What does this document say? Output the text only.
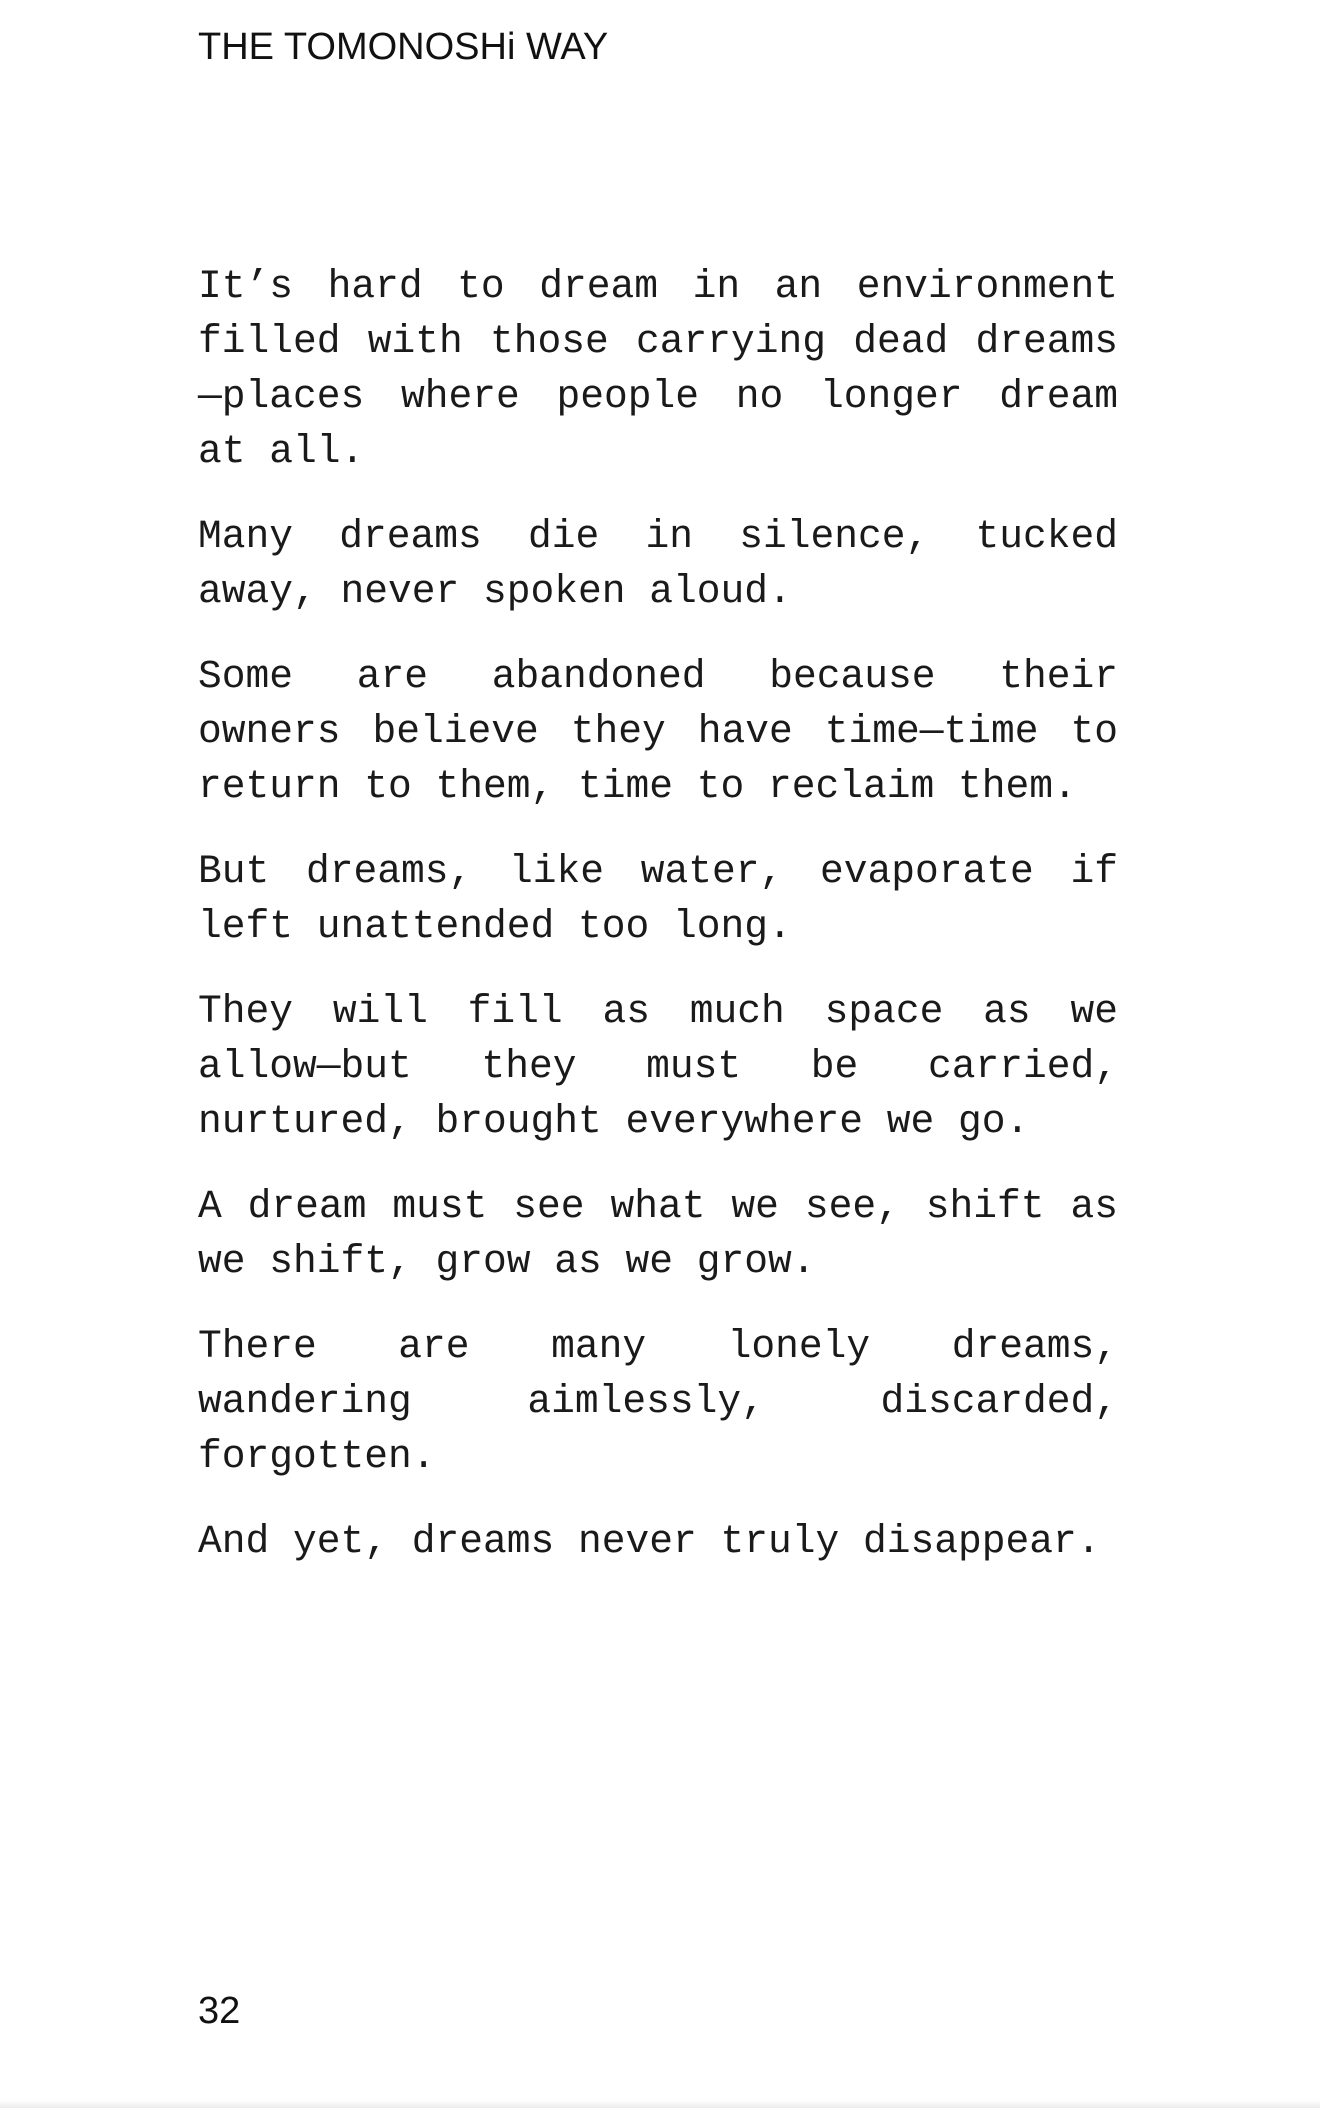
THE TOMONOSHi WAY

It’s hard to dream in an environment filled with those carrying dead dreams—places where people no longer dream at all.

Many dreams die in silence, tucked away, never spoken aloud.

Some are abandoned because their owners believe they have time—time to return to them, time to reclaim them.

But dreams, like water, evaporate if left unattended too long.

They will fill as much space as we allow—but they must be carried, nurtured, brought everywhere we go.

A dream must see what we see, shift as we shift, grow as we grow.

There are many lonely dreams, wandering aimlessly, discarded, forgotten.

And yet, dreams never truly disappear.

32
